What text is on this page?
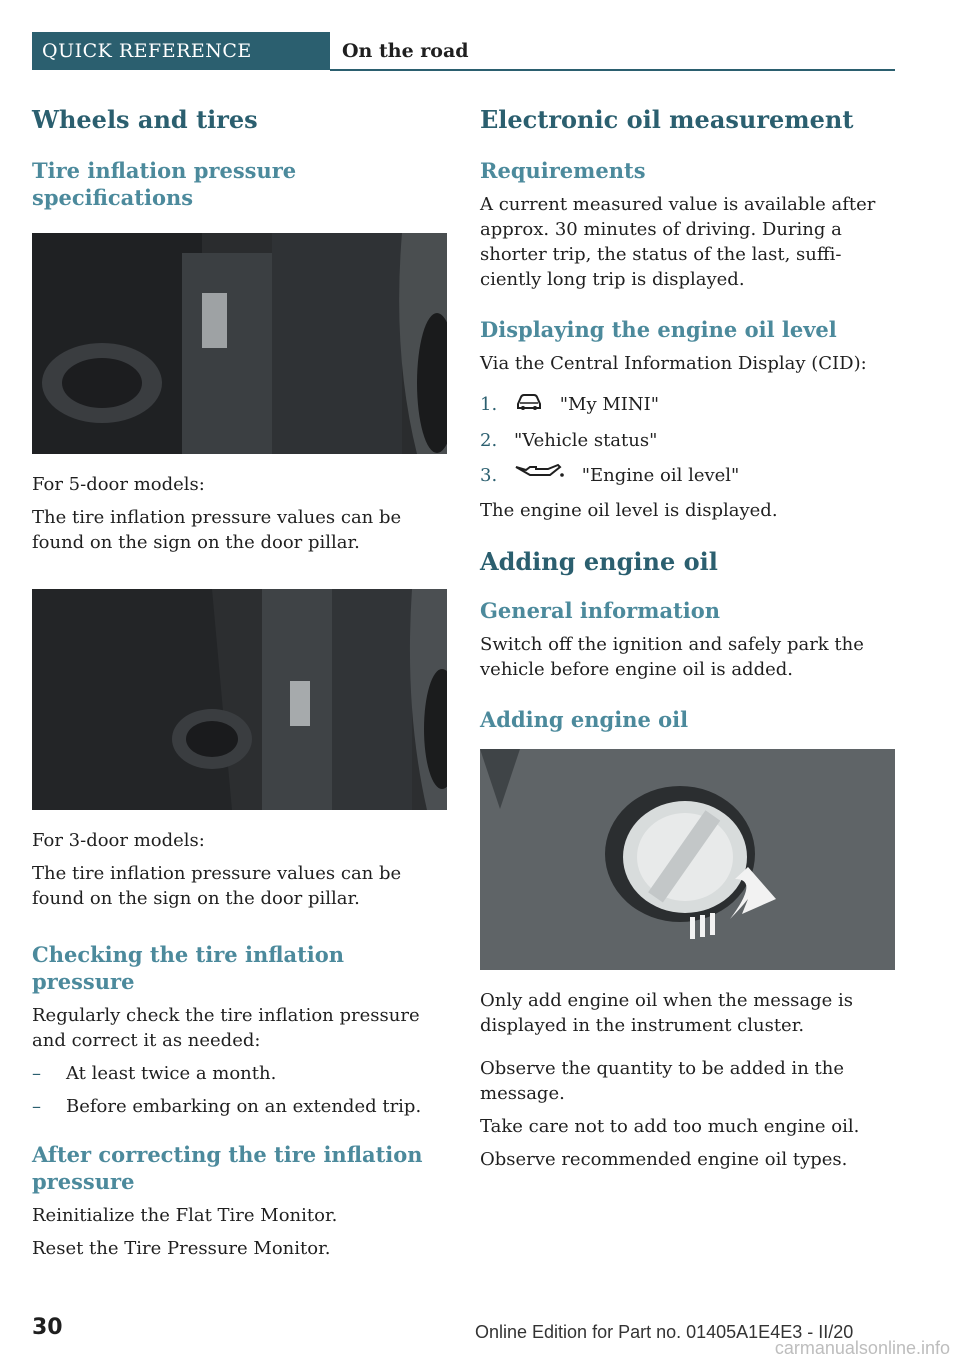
QUICK REFERENCE	On the road
Wheels and tires
Tire inflation pressure specifications

For 5-door models:

The tire inflation pressure values can be found on the sign on the door pillar.

For 3-door models:

The tire inflation pressure values can be found on the sign on the door pillar.

Checking the tire inflation pressure

Regularly check the tire inflation pressure and correct it as needed:

– At least twice a month.
– Before embarking on an extended trip.
After correcting the tire inflation pressure

Reinitialize the Flat Tire Monitor.

Reset the Tire Pressure Monitor.

Electronic oil measurement
Requirements

A current measured value is available after approx. 30 minutes of driving. During a shorter trip, the status of the last, suffi‐ciently long trip is displayed.

Displaying the engine oil level

Via the Central Information Display (CID):

1.	"My MINI"
2. "Vehicle status"
3.	"Engine oil level"

The engine oil level is displayed.

Adding engine oil
General information

Switch off the ignition and safely park the vehicle before engine oil is added.

Adding engine oil

Only add engine oil when the message is displayed in the instrument cluster.

Observe the quantity to be added in the message.

Take care not to add too much engine oil.

Observe recommended engine oil types.

30	Online Edition for Part no. 01405A1E4E3 - II/20
carmanualsonline.info
